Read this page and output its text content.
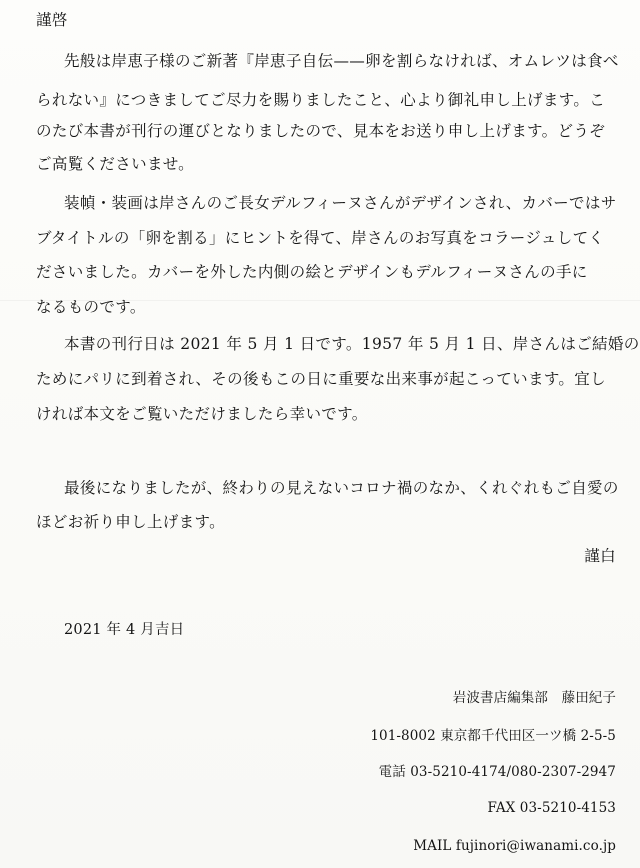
謹啓
先般は岸恵子様のご新著『岸恵子自伝——卵を割らなければ、オムレツは食べ
られない』につきましてご尽力を賜りましたこと、心より御礼申し上げます。こ
のたび本書が刊行の運びとなりましたので、見本をお送り申し上げます。どうぞ
ご高覧くださいませ。
装幀・装画は岸さんのご長女デルフィーヌさんがデザインされ、カバーではサ
ブタイトルの「卵を割る」にヒントを得て、岸さんのお写真をコラージュしてく
ださいました。カバーを外した内側の絵とデザインもデルフィーヌさんの手に
なるものです。
本書の刊行日は 2021 年 5 月 1 日です。1957 年 5 月 1 日、岸さんはご結婚の
ためにパリに到着され、その後もこの日に重要な出来事が起こっています。宜し
ければ本文をご覧いただけましたら幸いです。
最後になりましたが、終わりの見えないコロナ禍のなか、くれぐれもご自愛の
ほどお祈り申し上げます。
謹白
2021 年 4 月吉日
岩波書店編集部　藤田紀子
101-8002 東京都千代田区一ツ橋 2-5-5
電話 03-5210-4174/080-2307-2947
FAX 03-5210-4153
MAIL fujinori@iwanami.co.jp
